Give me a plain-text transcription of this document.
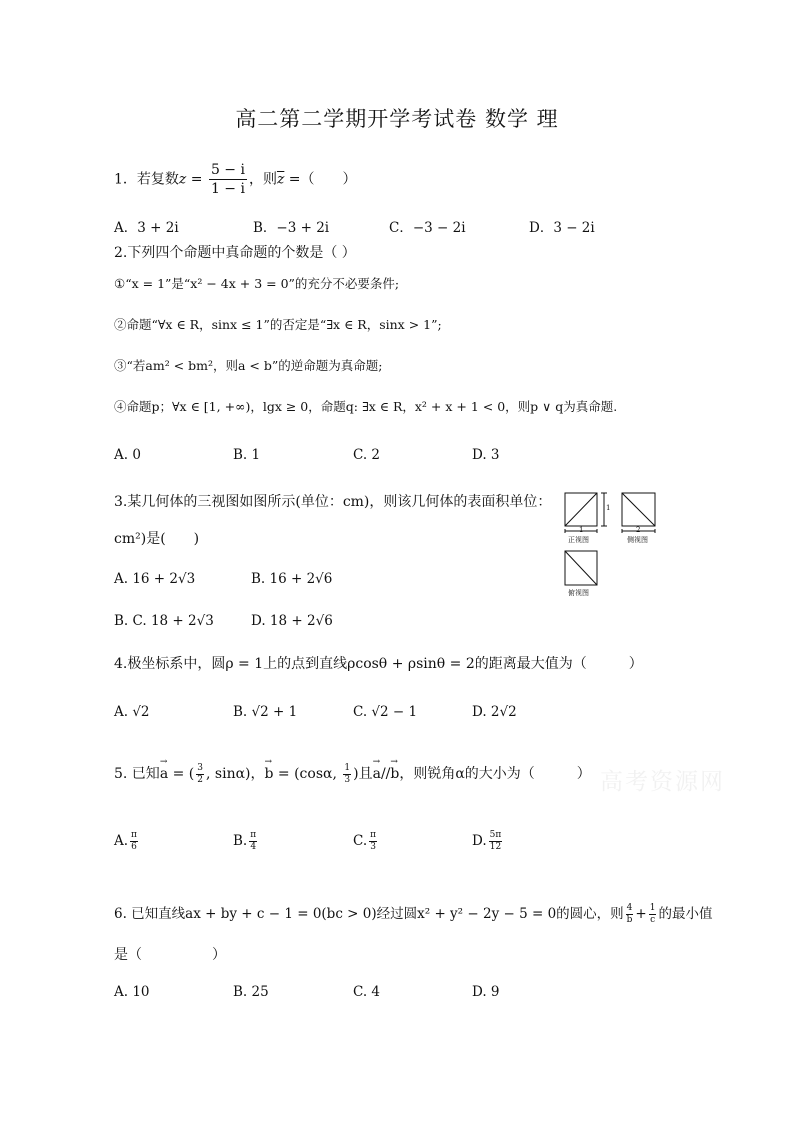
高二第二学期开学考试卷 数学 理
1．若复数$z = \frac{5 - i}{1 - i}$ ，则$\overline{z}$ =（　　）
A．3 + 2i	B．−3 + 2i	C．−3 − 2i	D．3 − 2i
2.下列四个命题中真命题的个数是（ ）
①“x = 1”是“x² − 4x + 3 = 0”的充分不必要条件;
②命题“∀x ∈ R，sinx ≤ 1”的否定是“∃x ∈ R，sinx > 1”;
③“若am² < bm²，则a < b”的逆命题为真命题;
④命题p；∀x ∈ [1, +∞)，lgx ≥ 0，命题q: ∃x ∈ R，x² + x + 1 < 0，则p ∨ q为真命题.
A. 0	B. 1	C. 2	D. 3
3.某几何体的三视图如图所示(单位：cm)，则该几何体的表面积单位：
cm²)是(　　)
A. 16 + 2√3	B. 16 + 2√6
B. C. 18 + 2√3	D. 18 + 2√6
1
1	2
正视图	侧视图
俯视图
4.极坐标系中，圆ρ = 1上的点到直线ρcosθ + ρsinθ = 2的距离最大值为（　　　）
A. √2	B. √2 + 1	C. √2 − 1	D. 2√2
5. 已知→ a = ( $\frac{3}{2}$ , sinα)，→ b = (cosα, $\frac{1}{3}$ )且→ a//→ b，则锐角α的大小为（　　　） 高考资源网
A. $\frac{\pi}{6}$	B. $\frac{\pi}{4}$	C. $\frac{\pi}{3}$	D. $\frac{5\pi}{12}$
6. 已知直线ax + by + c − 1 = 0(bc > 0)经过圆x² + y² − 2y − 5 = 0的圆心，则 $\frac{4}{b} + \frac{1}{c}$ 的最小值
是（　　　　　）
A. 10	B. 25	C. 4	D. 9
